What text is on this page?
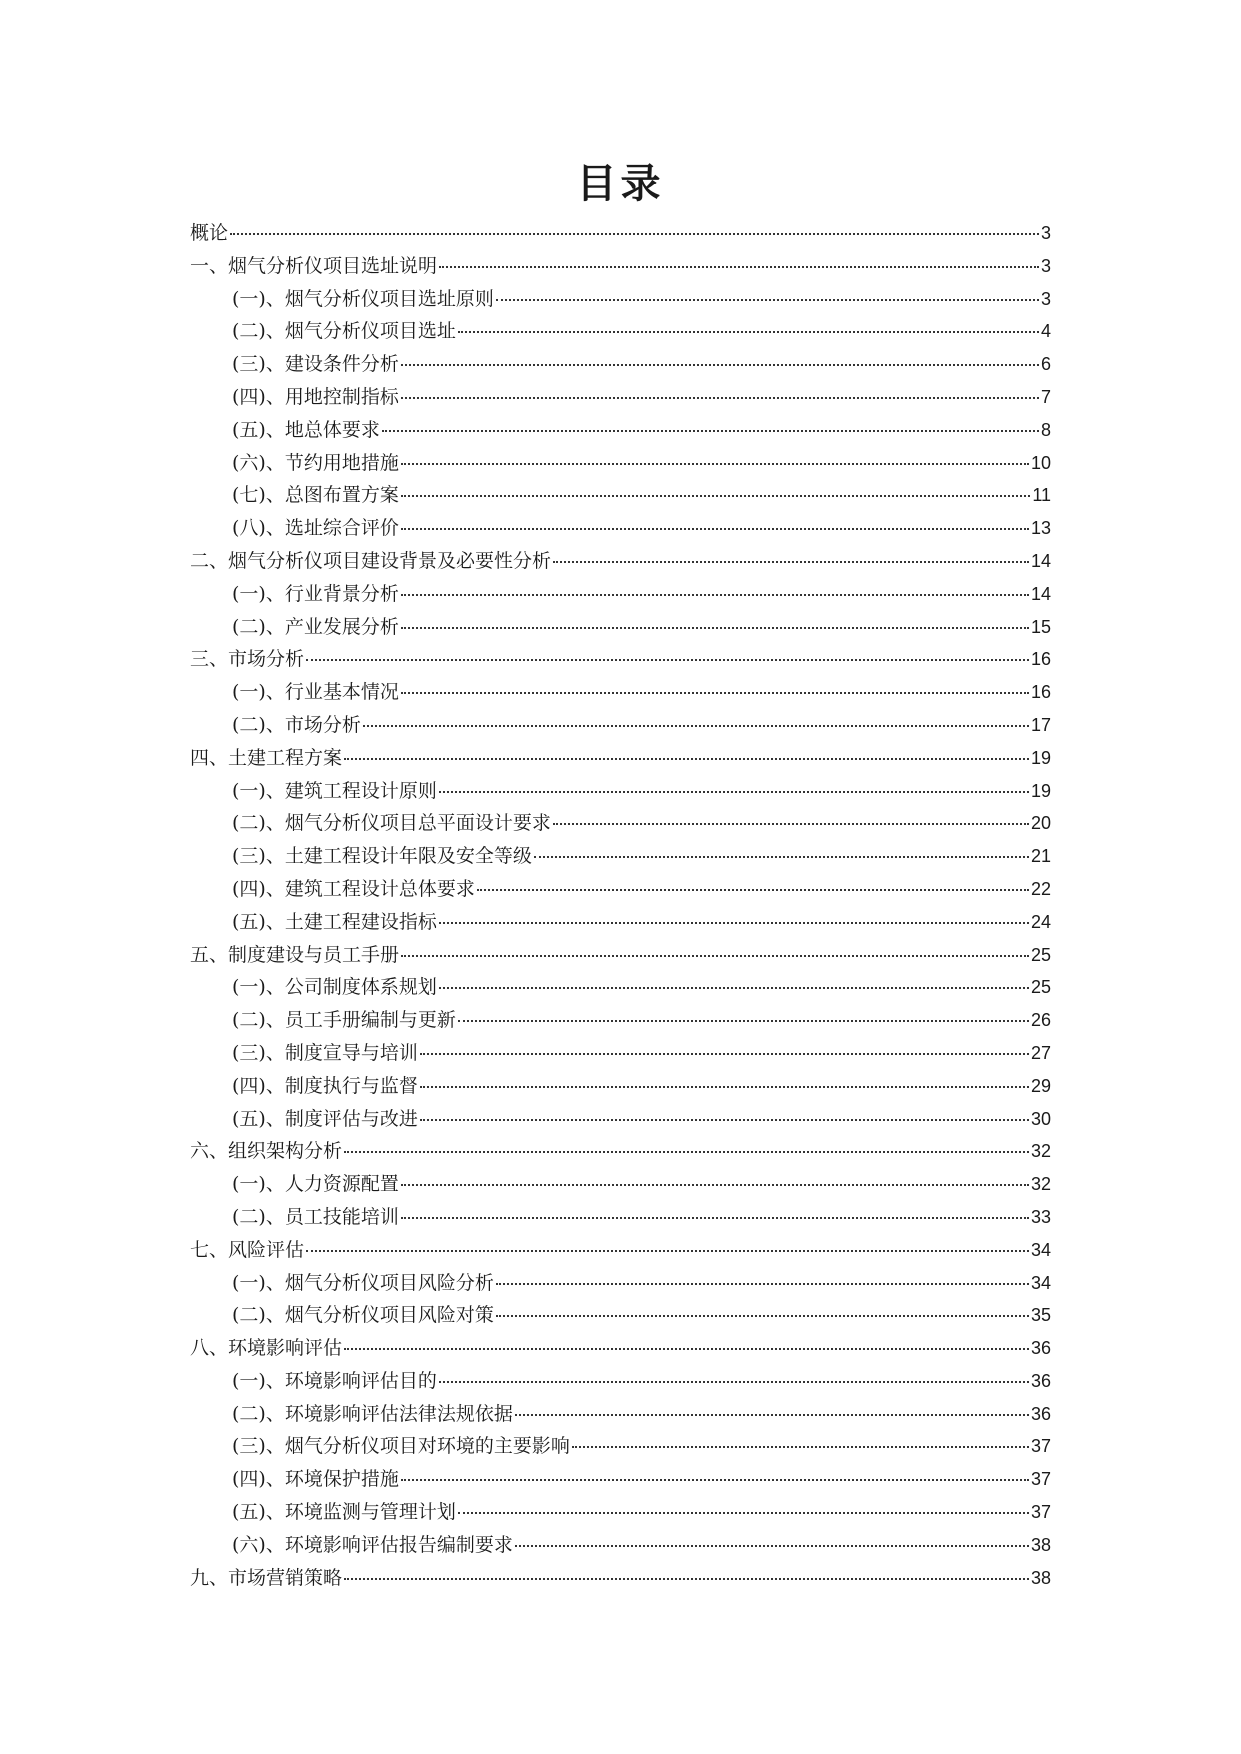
目录
概论	3
一、烟气分析仪项目选址说明	3
(一)、烟气分析仪项目选址原则	3
(二)、烟气分析仪项目选址	4
(三)、建设条件分析	6
(四)、用地控制指标	7
(五)、地总体要求	8
(六)、节约用地措施	10
(七)、总图布置方案	11
(八)、选址综合评价	13
二、烟气分析仪项目建设背景及必要性分析	14
(一)、行业背景分析	14
(二)、产业发展分析	15
三、市场分析	16
(一)、行业基本情况	16
(二)、市场分析	17
四、土建工程方案	19
(一)、建筑工程设计原则	19
(二)、烟气分析仪项目总平面设计要求	20
(三)、土建工程设计年限及安全等级	21
(四)、建筑工程设计总体要求	22
(五)、土建工程建设指标	24
五、制度建设与员工手册	25
(一)、公司制度体系规划	25
(二)、员工手册编制与更新	26
(三)、制度宣导与培训	27
(四)、制度执行与监督	29
(五)、制度评估与改进	30
六、组织架构分析	32
(一)、人力资源配置	32
(二)、员工技能培训	33
七、风险评估	34
(一)、烟气分析仪项目风险分析	34
(二)、烟气分析仪项目风险对策	35
八、环境影响评估	36
(一)、环境影响评估目的	36
(二)、环境影响评估法律法规依据	36
(三)、烟气分析仪项目对环境的主要影响	37
(四)、环境保护措施	37
(五)、环境监测与管理计划	37
(六)、环境影响评估报告编制要求	38
九、市场营销策略	38
